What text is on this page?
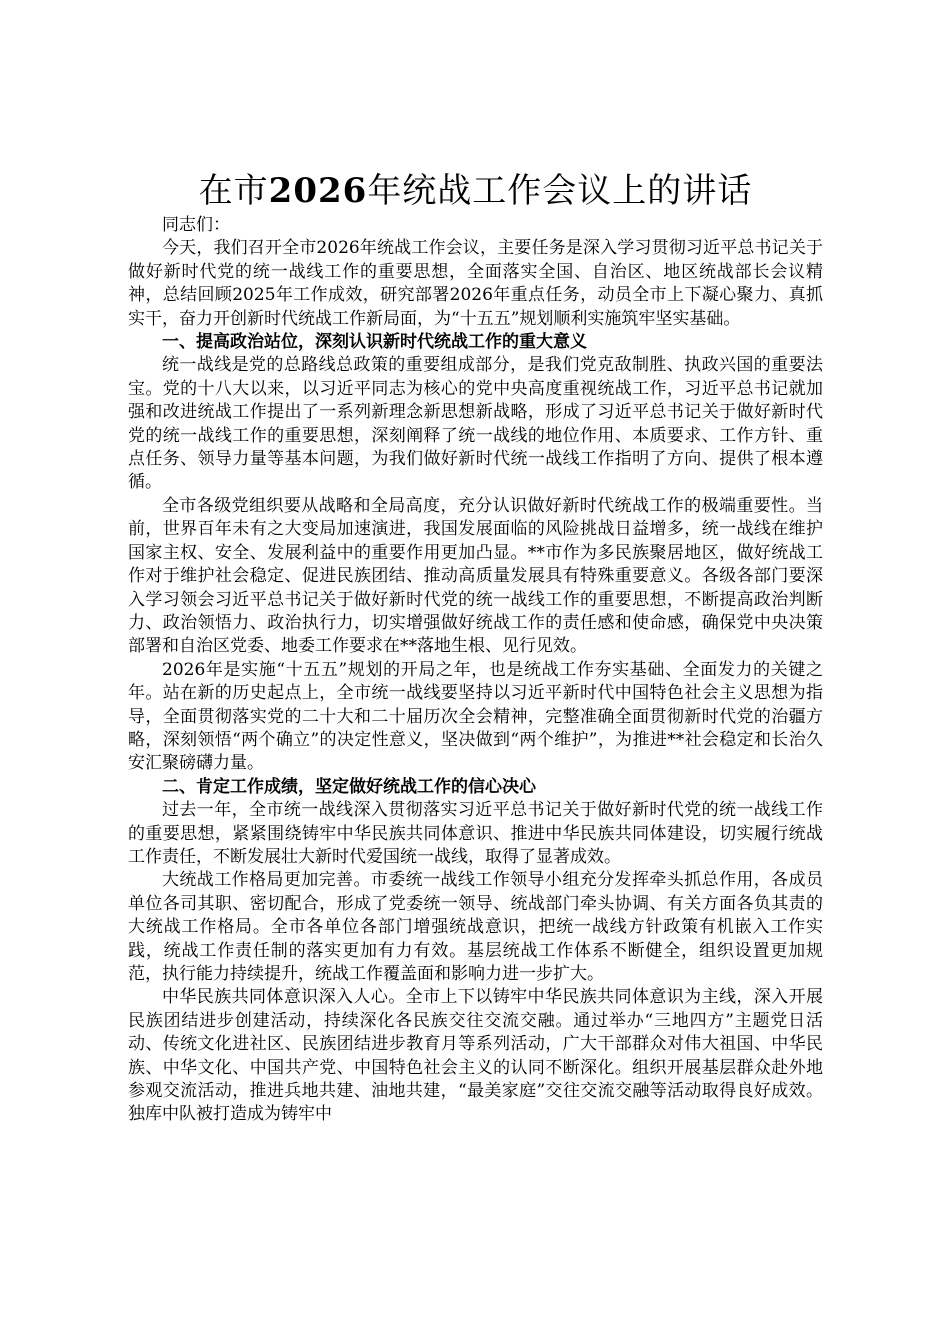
在市2026年统战工作会议上的讲话

同志们：

今天，我们召开全市2026年统战工作会议，主要任务是深入学习贯彻习近平总书记关于做好新时代党的统一战线工作的重要思想，全面落实全国、自治区、地区统战部长会议精神，总结回顾2025年工作成效，研究部署2026年重点任务，动员全市上下凝心聚力、真抓实干，奋力开创新时代统战工作新局面，为“十五五”规划顺利实施筑牢坚实基础。

一、提高政治站位，深刻认识新时代统战工作的重大意义

统一战线是党的总路线总政策的重要组成部分，是我们党克敌制胜、执政兴国的重要法宝。党的十八大以来，以习近平同志为核心的党中央高度重视统战工作，习近平总书记就加强和改进统战工作提出了一系列新理念新思想新战略，形成了习近平总书记关于做好新时代党的统一战线工作的重要思想，深刻阐释了统一战线的地位作用、本质要求、工作方针、重点任务、领导力量等基本问题，为我们做好新时代统一战线工作指明了方向、提供了根本遵循。

全市各级党组织要从战略和全局高度，充分认识做好新时代统战工作的极端重要性。当前，世界百年未有之大变局加速演进，我国发展面临的风险挑战日益增多，统一战线在维护国家主权、安全、发展利益中的重要作用更加凸显。**市作为多民族聚居地区，做好统战工作对于维护社会稳定、促进民族团结、推动高质量发展具有特殊重要意义。各级各部门要深入学习领会习近平总书记关于做好新时代党的统一战线工作的重要思想，不断提高政治判断力、政治领悟力、政治执行力，切实增强做好统战工作的责任感和使命感，确保党中央决策部署和自治区党委、地委工作要求在**落地生根、见行见效。

2026年是实施“十五五”规划的开局之年，也是统战工作夯实基础、全面发力的关键之年。站在新的历史起点上，全市统一战线要坚持以习近平新时代中国特色社会主义思想为指导，全面贯彻落实党的二十大和二十届历次全会精神，完整准确全面贯彻新时代党的治疆方略，深刻领悟“两个确立”的决定性意义，坚决做到“两个维护”，为推进**社会稳定和长治久安汇聚磅礴力量。

二、肯定工作成绩，坚定做好统战工作的信心决心

过去一年，全市统一战线深入贯彻落实习近平总书记关于做好新时代党的统一战线工作的重要思想，紧紧围绕铸牢中华民族共同体意识、推进中华民族共同体建设，切实履行统战工作责任，不断发展壮大新时代爱国统一战线，取得了显著成效。

大统战工作格局更加完善。市委统一战线工作领导小组充分发挥牵头抓总作用，各成员单位各司其职、密切配合，形成了党委统一领导、统战部门牵头协调、有关方面各负其责的大统战工作格局。全市各单位各部门增强统战意识，把统一战线方针政策有机嵌入工作实践，统战工作责任制的落实更加有力有效。基层统战工作体系不断健全，组织设置更加规范，执行能力持续提升，统战工作覆盖面和影响力进一步扩大。

中华民族共同体意识深入人心。全市上下以铸牢中华民族共同体意识为主线，深入开展民族团结进步创建活动，持续深化各民族交往交流交融。通过举办“三地四方”主题党日活动、传统文化进社区、民族团结进步教育月等系列活动，广大干部群众对伟大祖国、中华民族、中华文化、中国共产党、中国特色社会主义的认同不断深化。组织开展基层群众赴外地参观交流活动，推进兵地共建、油地共建，“最美家庭”交往交流交融等活动取得良好成效。独库中队被打造成为铸牢中
